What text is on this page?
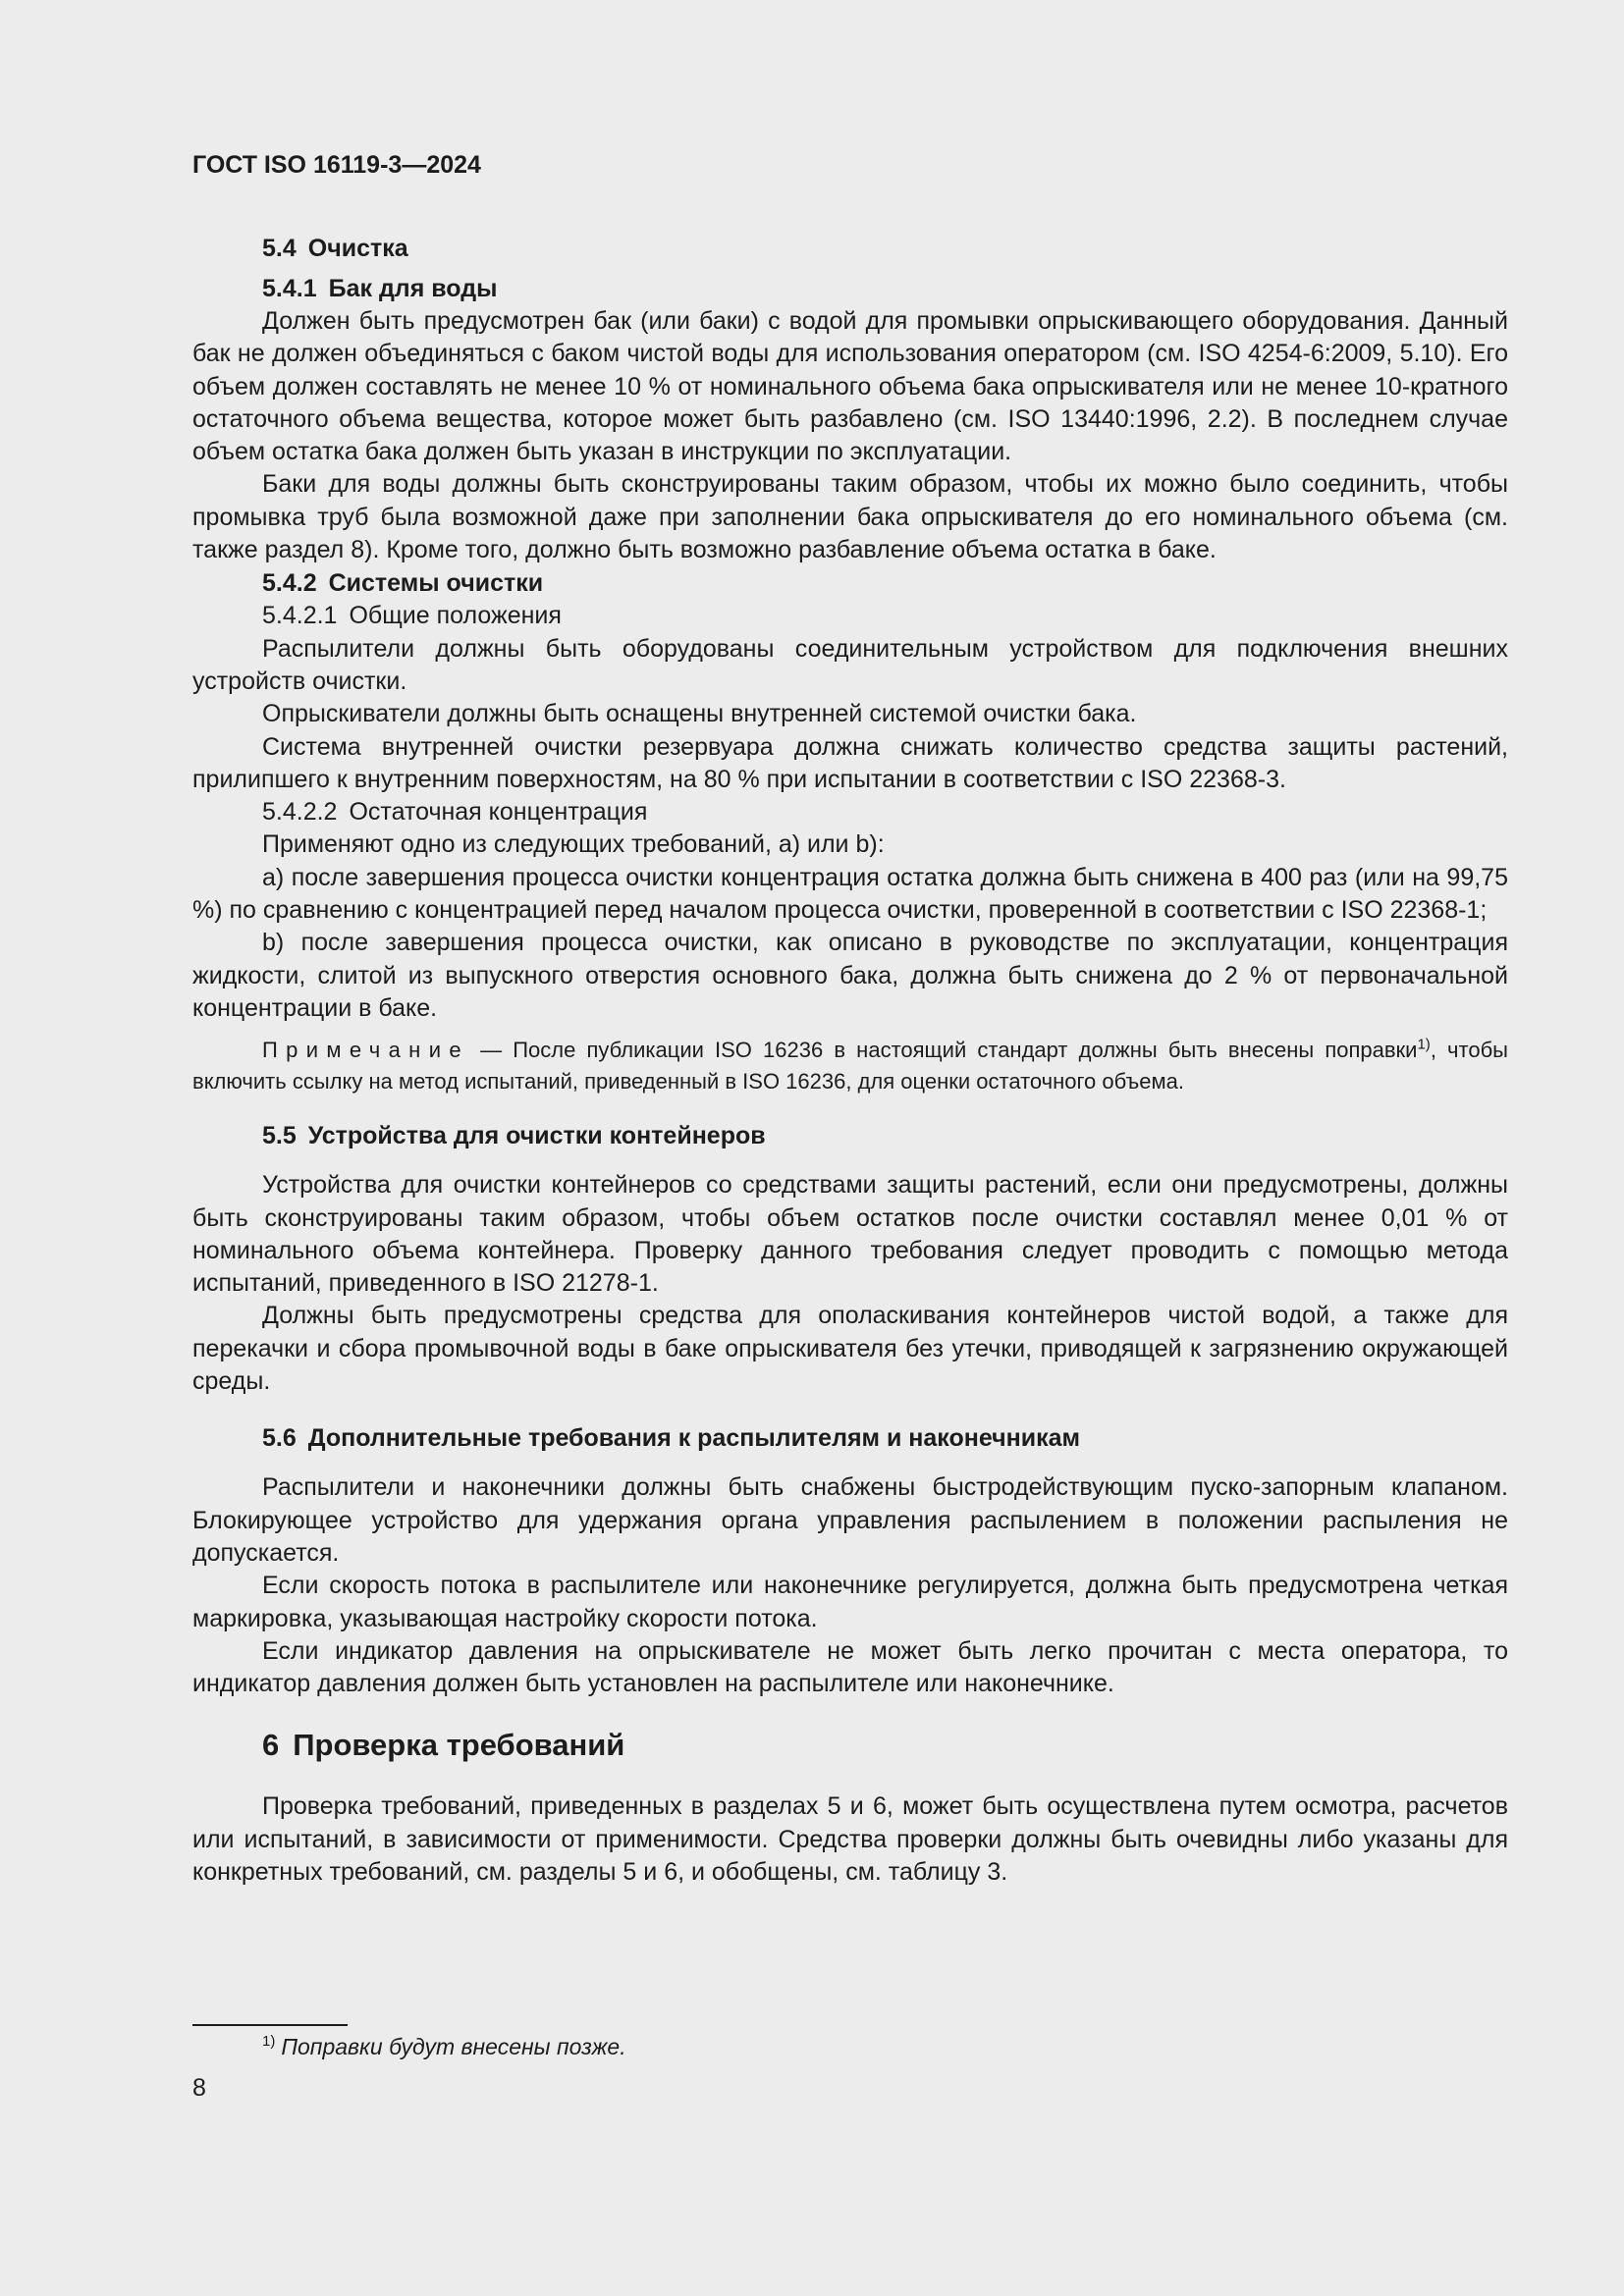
ГОСТ ISO 16119-3—2024
5.4 Очистка
5.4.1 Бак для воды

Должен быть предусмотрен бак (или баки) с водой для промывки опрыскивающего оборудования. Данный бак не должен объединяться с баком чистой воды для использования оператором (см. ISO 4254-6:2009, 5.10). Его объем должен составлять не менее 10 % от номинального объема бака опрыскивателя или не менее 10-кратного остаточного объема вещества, которое может быть разбавлено (см. ISO 13440:1996, 2.2). В последнем случае объем остатка бака должен быть указан в инструкции по эксплуатации.

Баки для воды должны быть сконструированы таким образом, чтобы их можно было соединить, чтобы промывка труб была возможной даже при заполнении бака опрыскивателя до его номинального объема (см. также раздел 8). Кроме того, должно быть возможно разбавление объема остатка в баке.

5.4.2 Системы очистки
5.4.2.1 Общие положения

Распылители должны быть оборудованы соединительным устройством для подключения внешних устройств очистки.

Опрыскиватели должны быть оснащены внутренней системой очистки бака.

Система внутренней очистки резервуара должна снижать количество средства защиты растений, прилипшего к внутренним поверхностям, на 80 % при испытании в соответствии с ISO 22368-3.

5.4.2.2 Остаточная концентрация

Применяют одно из следующих требований, а) или b):

а) после завершения процесса очистки концентрация остатка должна быть снижена в 400 раз (или на 99,75 %) по сравнению с концентрацией перед началом процесса очистки, проверенной в соответствии с ISO 22368-1;

b) после завершения процесса очистки, как описано в руководстве по эксплуатации, концентрация жидкости, слитой из выпускного отверстия основного бака, должна быть снижена до 2 % от первоначальной концентрации в баке.

Примечание — После публикации ISO 16236 в настоящий стандарт должны быть внесены поправки$^{1)}$, чтобы включить ссылку на метод испытаний, приведенный в ISO 16236, для оценки остаточного объема.

5.5 Устройства для очистки контейнеров

Устройства для очистки контейнеров со средствами защиты растений, если они предусмотрены, должны быть сконструированы таким образом, чтобы объем остатков после очистки составлял менее 0,01 % от номинального объема контейнера. Проверку данного требования следует проводить с помощью метода испытаний, приведенного в ISO 21278-1.

Должны быть предусмотрены средства для ополаскивания контейнеров чистой водой, а также для перекачки и сбора промывочной воды в баке опрыскивателя без утечки, приводящей к загрязнению окружающей среды.

5.6 Дополнительные требования к распылителям и наконечникам

Распылители и наконечники должны быть снабжены быстродействующим пуско-запорным клапаном. Блокирующее устройство для удержания органа управления распылением в положении распыления не допускается.

Если скорость потока в распылителе или наконечнике регулируется, должна быть предусмотрена четкая маркировка, указывающая настройку скорости потока.

Если индикатор давления на опрыскивателе не может быть легко прочитан с места оператора, то индикатор давления должен быть установлен на распылителе или наконечнике.

6 Проверка требований

Проверка требований, приведенных в разделах 5 и 6, может быть осуществлена путем осмотра, расчетов или испытаний, в зависимости от применимости. Средства проверки должны быть очевидны либо указаны для конкретных требований, см. разделы 5 и 6, и обобщены, см. таблицу 3.

$^{1)}$ Поправки будут внесены позже.
8
